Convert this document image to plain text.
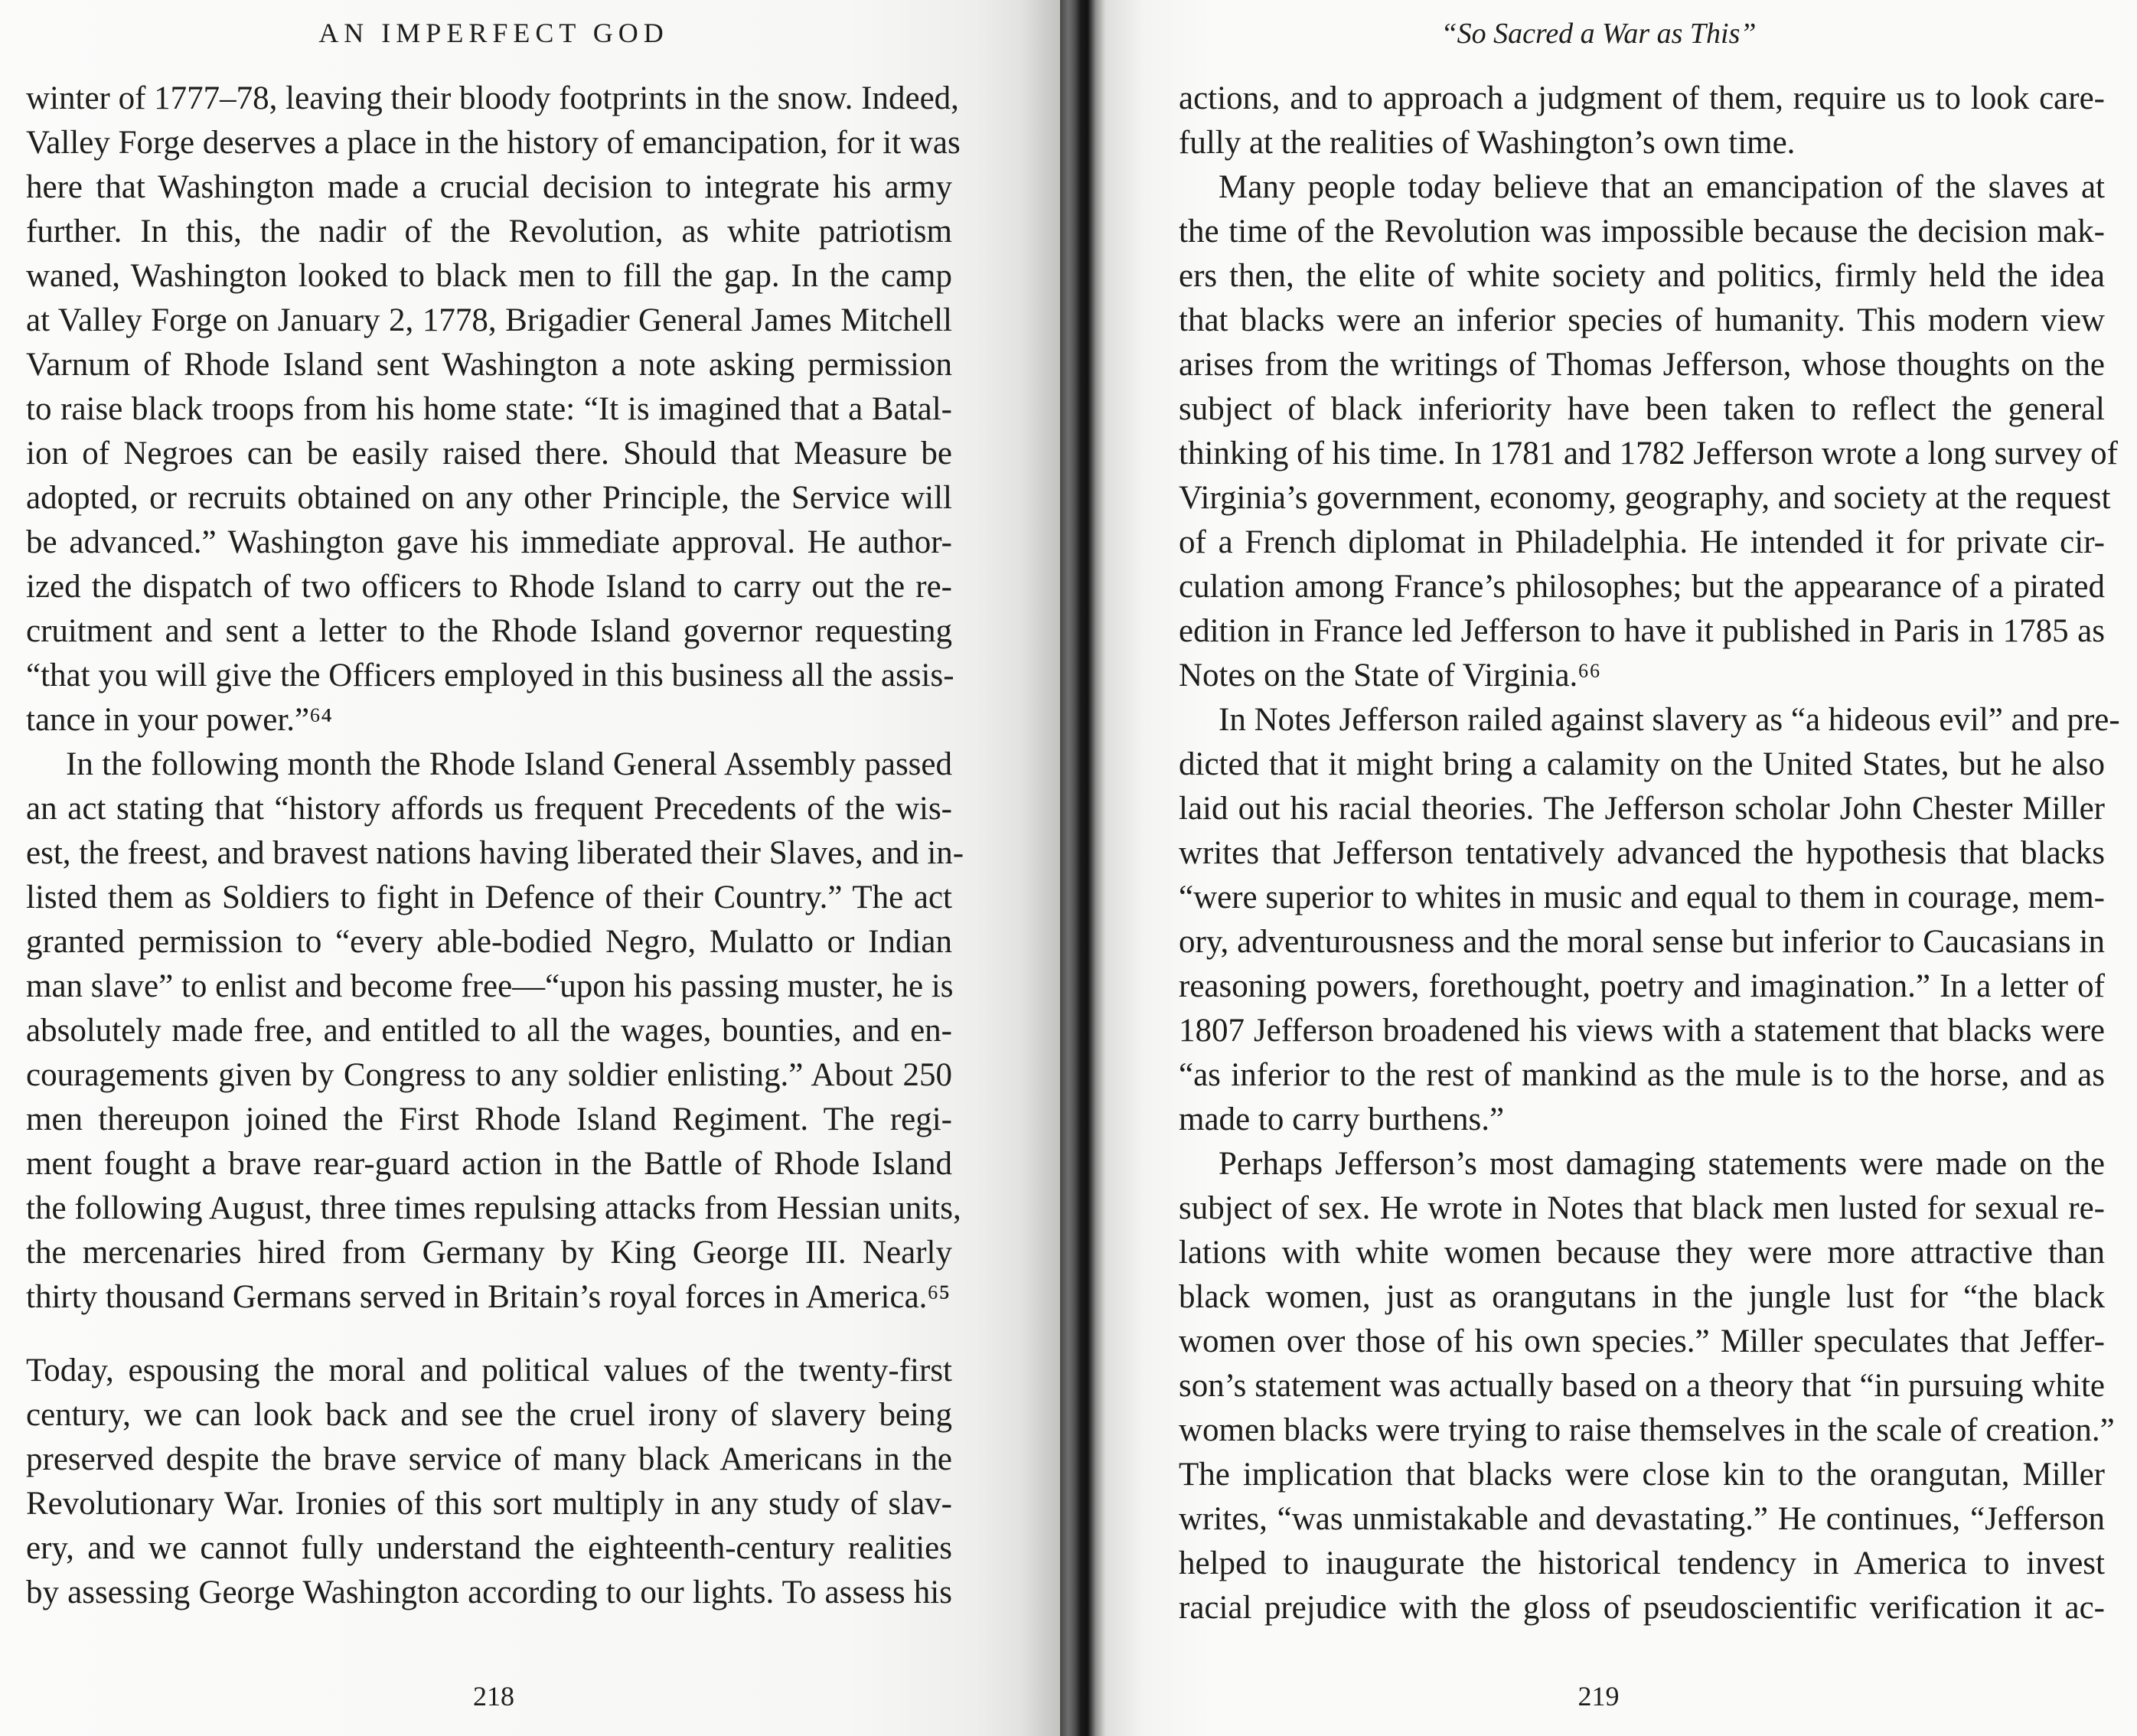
AN IMPERFECT GOD
winter of 1777–78, leaving their bloody footprints in the snow. Indeed,
Valley Forge deserves a place in the history of emancipation, for it was
here that Washington made a crucial decision to integrate his army
further. In this, the nadir of the Revolution, as white patriotism
waned, Washington looked to black men to fill the gap. In the camp
at Valley Forge on January 2, 1778, Brigadier General James Mitchell
Varnum of Rhode Island sent Washington a note asking permission
to raise black troops from his home state: “It is imagined that a Batal-
ion of Negroes can be easily raised there. Should that Measure be
adopted, or recruits obtained on any other Principle, the Service will
be advanced.” Washington gave his immediate approval. He author-
ized the dispatch of two officers to Rhode Island to carry out the re-
cruitment and sent a letter to the Rhode Island governor requesting
“that you will give the Officers employed in this business all the assis-
tance in your power.”⁶⁴
In the following month the Rhode Island General Assembly passed
an act stating that “history affords us frequent Precedents of the wis-
est, the freest, and bravest nations having liberated their Slaves, and in-
listed them as Soldiers to fight in Defence of their Country.” The act
granted permission to “every able-bodied Negro, Mulatto or Indian
man slave” to enlist and become free—“upon his passing muster, he is
absolutely made free, and entitled to all the wages, bounties, and en-
couragements given by Congress to any soldier enlisting.” About 250
men thereupon joined the First Rhode Island Regiment. The regi-
ment fought a brave rear-guard action in the Battle of Rhode Island
the following August, three times repulsing attacks from Hessian units,
the mercenaries hired from Germany by King George III. Nearly
thirty thousand Germans served in Britain’s royal forces in America.⁶⁵
Today, espousing the moral and political values of the twenty-first
century, we can look back and see the cruel irony of slavery being
preserved despite the brave service of many black Americans in the
Revolutionary War. Ironies of this sort multiply in any study of slav-
ery, and we cannot fully understand the eighteenth-century realities
by assessing George Washington according to our lights. To assess his
218
“So Sacred a War as This”
actions, and to approach a judgment of them, require us to look care-
fully at the realities of Washington’s own time.
Many people today believe that an emancipation of the slaves at
the time of the Revolution was impossible because the decision mak-
ers then, the elite of white society and politics, firmly held the idea
that blacks were an inferior species of humanity. This modern view
arises from the writings of Thomas Jefferson, whose thoughts on the
subject of black inferiority have been taken to reflect the general
thinking of his time. In 1781 and 1782 Jefferson wrote a long survey of
Virginia’s government, economy, geography, and society at the request
of a French diplomat in Philadelphia. He intended it for private cir-
culation among France’s philosophes; but the appearance of a pirated
edition in France led Jefferson to have it published in Paris in 1785 as
Notes on the State of Virginia.⁶⁶
In Notes Jefferson railed against slavery as “a hideous evil” and pre-
dicted that it might bring a calamity on the United States, but he also
laid out his racial theories. The Jefferson scholar John Chester Miller
writes that Jefferson tentatively advanced the hypothesis that blacks
“were superior to whites in music and equal to them in courage, mem-
ory, adventurousness and the moral sense but inferior to Caucasians in
reasoning powers, forethought, poetry and imagination.” In a letter of
1807 Jefferson broadened his views with a statement that blacks were
“as inferior to the rest of mankind as the mule is to the horse, and as
made to carry burthens.”
Perhaps Jefferson’s most damaging statements were made on the
subject of sex. He wrote in Notes that black men lusted for sexual re-
lations with white women because they were more attractive than
black women, just as orangutans in the jungle lust for “the black
women over those of his own species.” Miller speculates that Jeffer-
son’s statement was actually based on a theory that “in pursuing white
women blacks were trying to raise themselves in the scale of creation.”
The implication that blacks were close kin to the orangutan, Miller
writes, “was unmistakable and devastating.” He continues, “Jefferson
helped to inaugurate the historical tendency in America to invest
racial prejudice with the gloss of pseudoscientific verification it ac-
219
